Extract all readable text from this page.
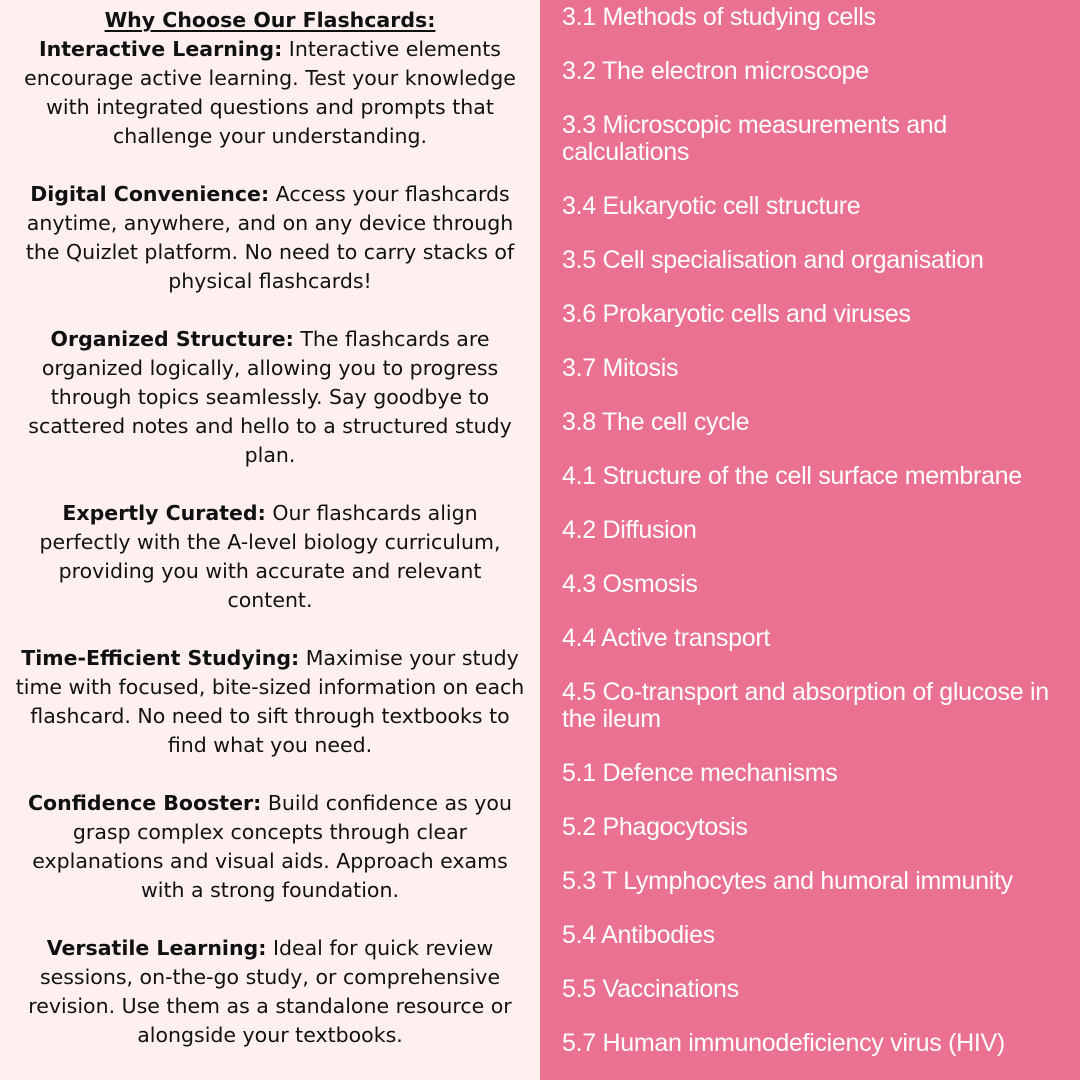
Why Choose Our Flashcards:

Interactive Learning: Interactive elements encourage active learning. Test your knowledge with integrated questions and prompts that challenge your understanding.

Digital Convenience: Access your flashcards anytime, anywhere, and on any device through the Quizlet platform. No need to carry stacks of physical flashcards!

Organized Structure: The flashcards are organized logically, allowing you to progress through topics seamlessly. Say goodbye to scattered notes and hello to a structured study plan.

Expertly Curated: Our flashcards align perfectly with the A-level biology curriculum, providing you with accurate and relevant content.

Time-Efficient Studying: Maximise your study time with focused, bite-sized information on each flashcard. No need to sift through textbooks to find what you need.

Confidence Booster: Build confidence as you grasp complex concepts through clear explanations and visual aids. Approach exams with a strong foundation.

Versatile Learning: Ideal for quick review sessions, on-the-go study, or comprehensive revision. Use them as a standalone resource or alongside your textbooks.

3.1 Methods of studying cells
3.2 The electron microscope
3.3 Microscopic measurements and calculations
3.4 Eukaryotic cell structure
3.5 Cell specialisation and organisation
3.6 Prokaryotic cells and viruses
3.7 Mitosis
3.8 The cell cycle
4.1 Structure of the cell surface membrane
4.2 Diffusion
4.3 Osmosis
4.4 Active transport
4.5 Co-transport and absorption of glucose in the ileum
5.1 Defence mechanisms
5.2 Phagocytosis
5.3 T Lymphocytes and humoral immunity
5.4 Antibodies
5.5 Vaccinations
5.7 Human immunodeficiency virus (HIV)
